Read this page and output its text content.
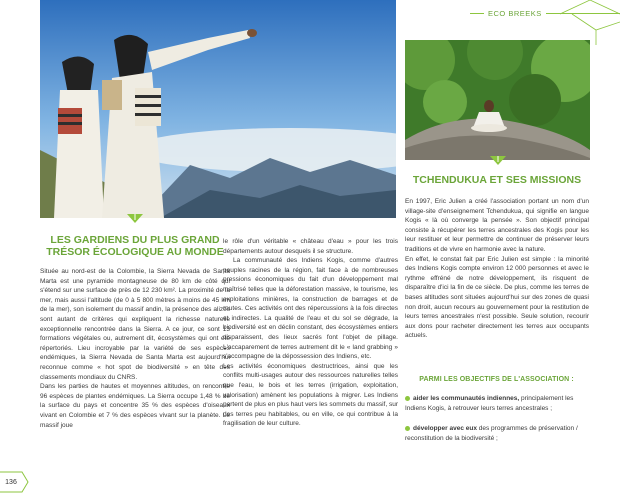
ECO BREEKS
LES GARDIENS DU PLUS GRAND
TRÉSOR ÉCOLOGIQUE AU MONDE

Située au nord-est de la Colombie, la Sierra Nevada de Santa Marta est une pyramide montagneuse de 80 km de côté qui s'étend sur une surface de près de 12 230 km². La proximité de la mer, mais aussi l'altitude (de 0 à 5 800 mètres à moins de 45 km de la mer), son isolement du massif andin, la présence des alizés sont autant de critères qui expliquent la richesse naturelle exceptionnelle rencontrée dans la Sierra. A ce jour, ce sont 13 formations végétales ou, autrement dit, écosystèmes qui ont été répertoriés. Lieu incroyable par la variété de ses espèces endémiques, la Sierra Nevada de Santa Marta est aujourd'hui reconnue comme « hot spot de biodiversité » en tête des classements mondiaux du CNRS.

Dans les parties de hautes et moyennes altitudes, on rencontre 96 espèces de plantes endémiques. La Sierra occupe 1,48 % de la surface du pays et concentre 35 % des espèces d'oiseaux vivant en Colombie et 7 % des espèces vivant sur la planète. Le massif joue

le rôle d'un véritable « château d'eau » pour les trois départements autour desquels il se structure.

La communauté des Indiens Kogis, comme d'autres peuples racines de la région, fait face à de nombreuses pressions économiques du fait d'un développement mal maîtrisé telles que la déforestation massive, le tourisme, les exploitations minières, la construction de barrages et de routes. Ces activités ont des répercussions à la fois directes et indirectes. La qualité de l'eau et du sol se dégrade, la biodiversité est en déclin constant, des écosystèmes entiers disparaissent, des lieux sacrés font l'objet de pillage. L'accaparement de terres autrement dit le « land grabbing » s'accompagne de la dépossession des Indiens, etc.

Les activités économiques destructrices, ainsi que les conflits multi-usages autour des ressources naturelles telles que l'eau, le bois et les terres (irrigation, exploitation, valorisation) amènent les populations à migrer. Les Indiens partent de plus en plus haut vers les sommets du massif, sur des terres peu habitables, ou en ville, ce qui contribue à la fragilisation de leur culture.

TCHENDUKUA ET SES MISSIONS

En 1997, Eric Julien a créé l'association portant un nom d'un village-site d'enseignement Tchendukua, qui signifie en langue Kogis « là où converge la pensée ». Son objectif principal consiste à récupérer les terres ancestrales des Kogis pour les leur restituer et leur permettre de continuer de préserver leurs traditions et de vivre en harmonie avec la nature.

En effet, le constat fait par Eric Julien est simple : la minorité des Indiens Kogis compte environ 12 000 personnes et avec le rythme effréné de notre développement, ils risquent de disparaître d'ici la fin de ce siècle. De plus, comme les terres de bases altitudes sont situées aujourd'hui sur des zones de quasi non droit, aucun recours au gouvernement pour la restitution de leurs terres ancestrales n'est possible. Seule solution, recourir aux dons pour racheter directement les terres aux occupants actuels.

PARMI LES OBJECTIFS DE L'ASSOCIATION :
aider les communautés indiennes, principalement les Indiens Kogis, à retrouver leurs terres ancestrales ;
développer avec eux des programmes de préservation / reconstitution de la biodiversité ;
136
